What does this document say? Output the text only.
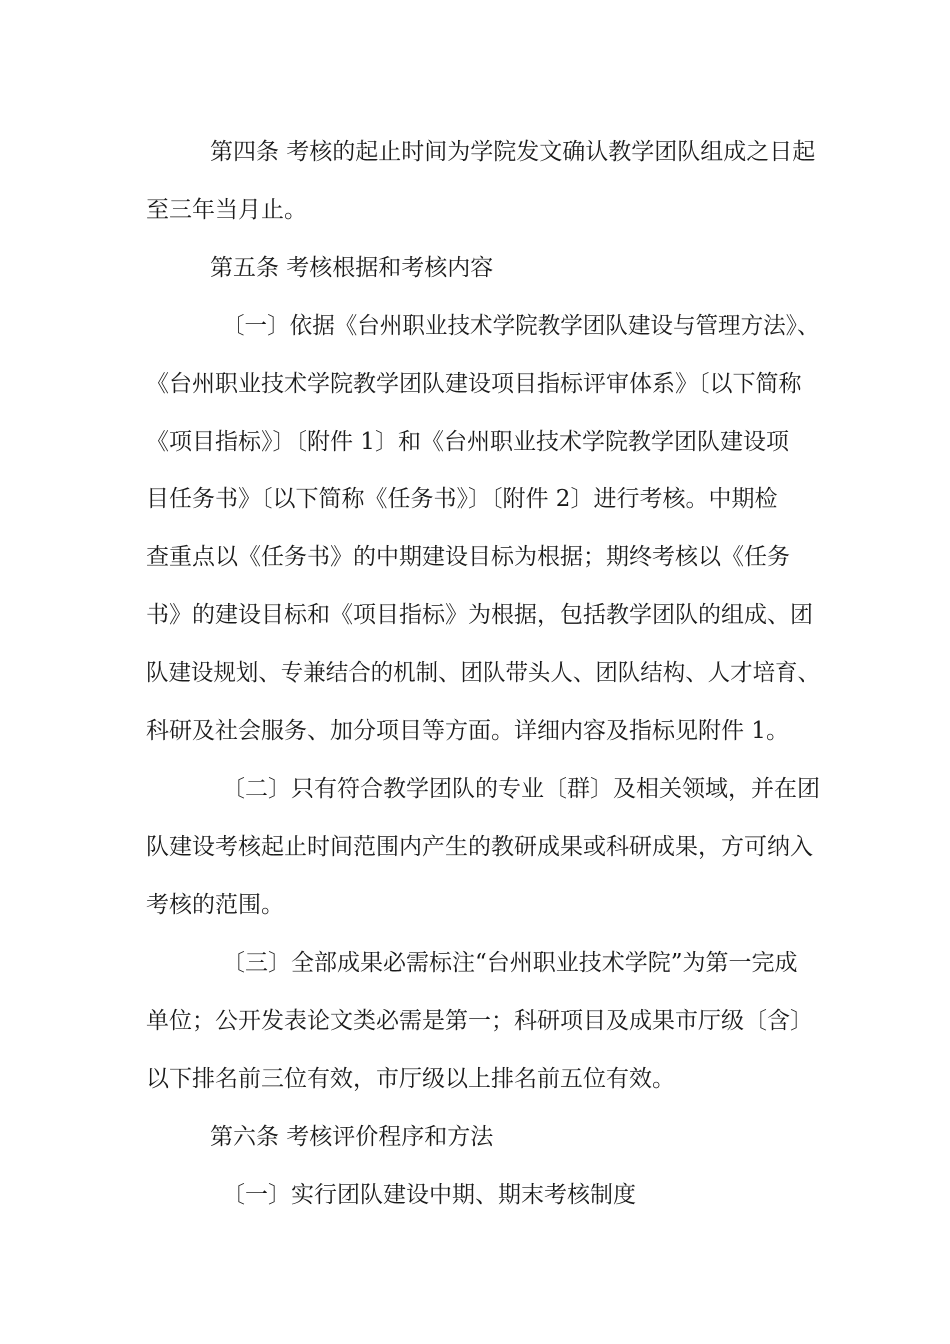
第四条 考核的起止时间为学院发文确认教学团队组成之日起
至三年当月止。
第五条 考核根据和考核内容
〔一〕依据《台州职业技术学院教学团队建设与管理方法》、
《台州职业技术学院教学团队建设项目指标评审体系》〔以下简称
《项目指标》〕〔附件 1〕和《台州职业技术学院教学团队建设项
目任务书》〔以下简称《任务书》〕〔附件 2〕进行考核。中期检
查重点以《任务书》的中期建设目标为根据；期终考核以《任务
书》的建设目标和《项目指标》为根据，包括教学团队的组成、团
队建设规划、专兼结合的机制、团队带头人、团队结构、人才培育、
科研及社会服务、加分项目等方面。详细内容及指标见附件 1。
〔二〕只有符合教学团队的专业〔群〕及相关领域，并在团
队建设考核起止时间范围内产生的教研成果或科研成果，方可纳入
考核的范围。
〔三〕全部成果必需标注“台州职业技术学院”为第一完成
单位；公开发表论文类必需是第一；科研项目及成果市厅级〔含〕
以下排名前三位有效，市厅级以上排名前五位有效。
第六条 考核评价程序和方法
〔一〕实行团队建设中期、期末考核制度
